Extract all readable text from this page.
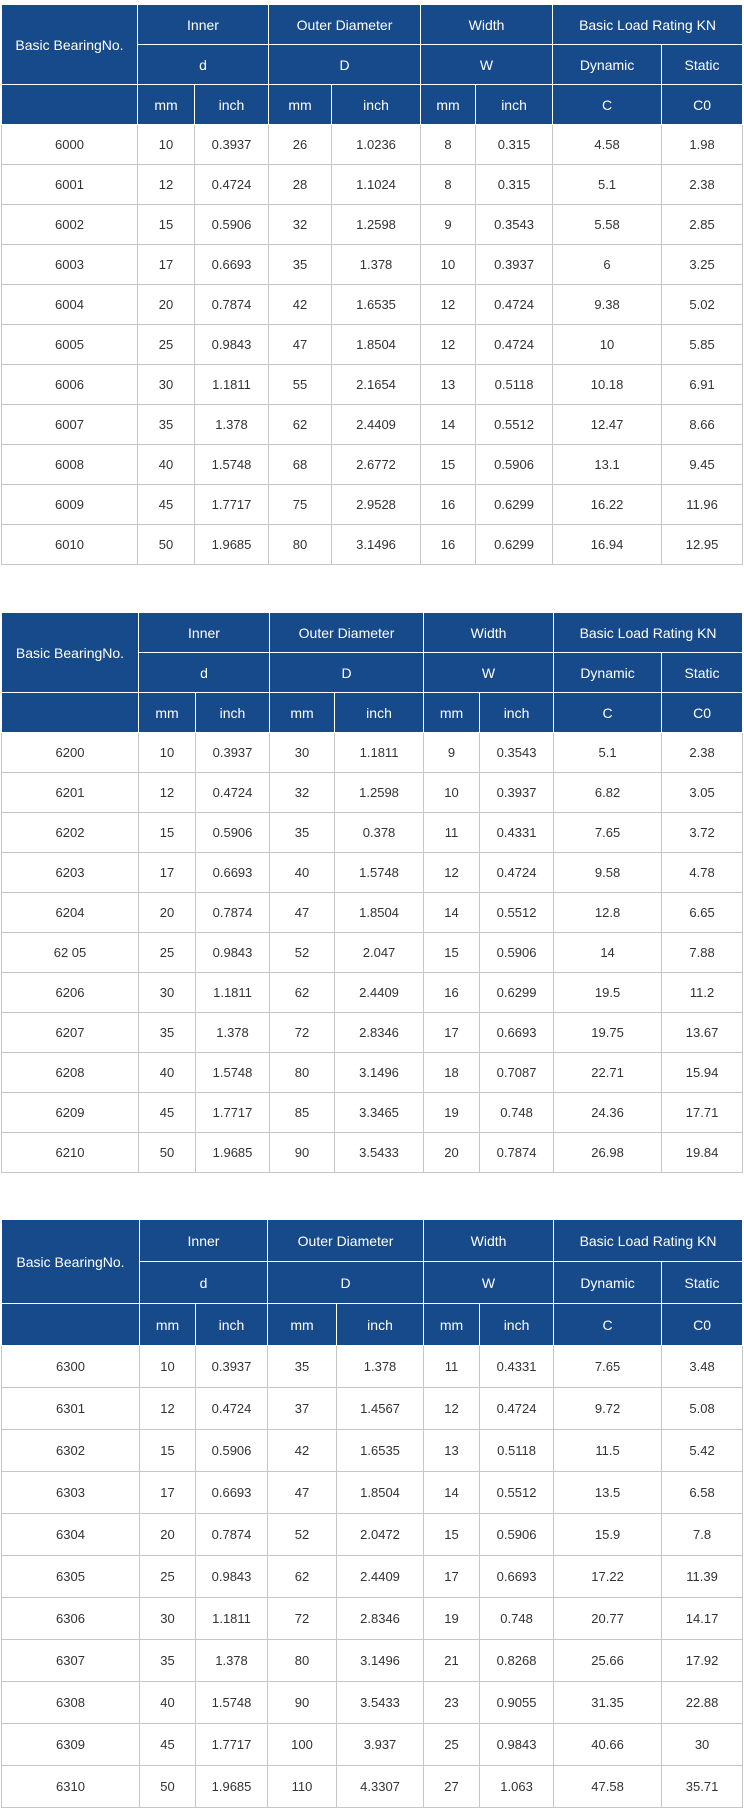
Basic BearingNo.	Inner		Outer Diameter		Width		Basic Load Rating KN	
	d		D		W		Dynamic	Static
	mm	inch	mm	inch	mm	inch	C	C0
6000	10	0.3937	26	1.0236	8	0.315	4.58	1.98
6001	12	0.4724	28	1.1024	8	0.315	5.1	2.38
6002	15	0.5906	32	1.2598	9	0.3543	5.58	2.85
6003	17	0.6693	35	1.378	10	0.3937	6	3.25
6004	20	0.7874	42	1.6535	12	0.4724	9.38	5.02
6005	25	0.9843	47	1.8504	12	0.4724	10	5.85
6006	30	1.1811	55	2.1654	13	0.5118	10.18	6.91
6007	35	1.378	62	2.4409	14	0.5512	12.47	8.66
6008	40	1.5748	68	2.6772	15	0.5906	13.1	9.45
6009	45	1.7717	75	2.9528	16	0.6299	16.22	11.96
6010	50	1.9685	80	3.1496	16	0.6299	16.94	12.95
Basic BearingNo.	Inner		Outer Diameter		Width		Basic Load Rating KN	
	d		D		W		Dynamic	Static
	mm	inch	mm	inch	mm	inch	C	C0
6200	10	0.3937	30	1.1811	9	0.3543	5.1	2.38
6201	12	0.4724	32	1.2598	10	0.3937	6.82	3.05
6202	15	0.5906	35	0.378	11	0.4331	7.65	3.72
6203	17	0.6693	40	1.5748	12	0.4724	9.58	4.78
6204	20	0.7874	47	1.8504	14	0.5512	12.8	6.65
62 05	25	0.9843	52	2.047	15	0.5906	14	7.88
6206	30	1.1811	62	2.4409	16	0.6299	19.5	11.2
6207	35	1.378	72	2.8346	17	0.6693	19.75	13.67
6208	40	1.5748	80	3.1496	18	0.7087	22.71	15.94
6209	45	1.7717	85	3.3465	19	0.748	24.36	17.71
6210	50	1.9685	90	3.5433	20	0.7874	26.98	19.84
Basic BearingNo.	Inner		Outer Diameter		Width		Basic Load Rating KN	
	d		D		W		Dynamic	Static
	mm	inch	mm	inch	mm	inch	C	C0
6300	10	0.3937	35	1.378	11	0.4331	7.65	3.48
6301	12	0.4724	37	1.4567	12	0.4724	9.72	5.08
6302	15	0.5906	42	1.6535	13	0.5118	11.5	5.42
6303	17	0.6693	47	1.8504	14	0.5512	13.5	6.58
6304	20	0.7874	52	2.0472	15	0.5906	15.9	7.8
6305	25	0.9843	62	2.4409	17	0.6693	17.22	11.39
6306	30	1.1811	72	2.8346	19	0.748	20.77	14.17
6307	35	1.378	80	3.1496	21	0.8268	25.66	17.92
6308	40	1.5748	90	3.5433	23	0.9055	31.35	22.88
6309	45	1.7717	100	3.937	25	0.9843	40.66	30
6310	50	1.9685	110	4.3307	27	1.063	47.58	35.71
